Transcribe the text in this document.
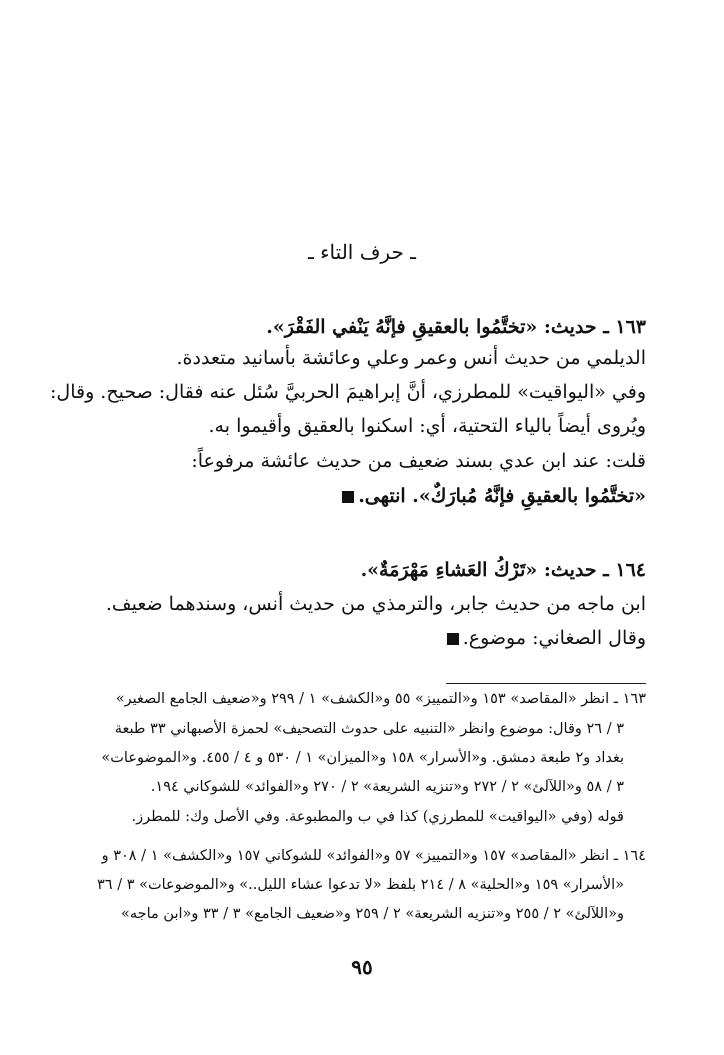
ـ حرف التاء ـ
١٦٣ ـ حديث: «تختَّمُوا بالعقيقِ فإنَّهُ يَنْفي الفَقْرَ».
الديلمي من حديث أنس وعمر وعلي وعائشة بأسانيد متعددة.
وفي «اليواقيت» للمطرزي، أنَّ إبراهيمَ الحربيَّ سُئل عنه فقال: صحيح. وقال:
ويُروى أيضاً بالياء التحتية، أي: اسكنوا بالعقيق وأقيموا به.
قلت: عند ابن عدي بسند ضعيف من حديث عائشة مرفوعاً:
«تختَّمُوا بالعقيقِ فإنَّهُ مُبارَكٌ». انتهى.
١٦٤ ـ حديث: «تَرْكُ العَشاءِ مَهْرَمَةٌ».
ابن ماجه من حديث جابر، والترمذي من حديث أنس، وسندهما ضعيف.
وقال الصغاني: موضوع.
١٦٣ ـ انظر «المقاصد» ١٥٣ و«التمييز» ٥٥ و«الكشف» ١ / ٢٩٩ و«ضعيف الجامع الصغير»
٣ / ٢٦ وقال: موضوع وانظر «التنبيه على حدوث التصحيف» لحمزة الأصبهاني ٣٣ طبعة
بغداد و٢ طبعة دمشق. و«الأسرار» ١٥٨ و«الميزان» ١ / ٥٣٠ و ٤ / ٤٥٥. و«الموضوعات»
٣ / ٥٨ و«اللآلئ» ٢ / ٢٧٢ و«تنزيه الشريعة» ٢ / ٢٧٠ و«الفوائد» للشوكاني ١٩٤.
قوله (وفي «اليواقيت» للمطرزي) كذا في ب والمطبوعة. وفي الأصل وك: للمطرز.
١٦٤ ـ انظر «المقاصد» ١٥٧ و«التمييز» ٥٧ و«الفوائد» للشوكاني ١٥٧ و«الكشف» ١ / ٣٠٨ و
«الأسرار» ١٥٩ و«الحلية» ٨ / ٢١٤ بلفظ «لا تدعوا عشاء الليل..» و«الموضوعات» ٣ / ٣٦
و«اللآلئ» ٢ / ٢٥٥ و«تنزيه الشريعة» ٢ / ٢٥٩ و«ضعيف الجامع» ٣ / ٣٣ و«ابن ماجه»
٩٥
